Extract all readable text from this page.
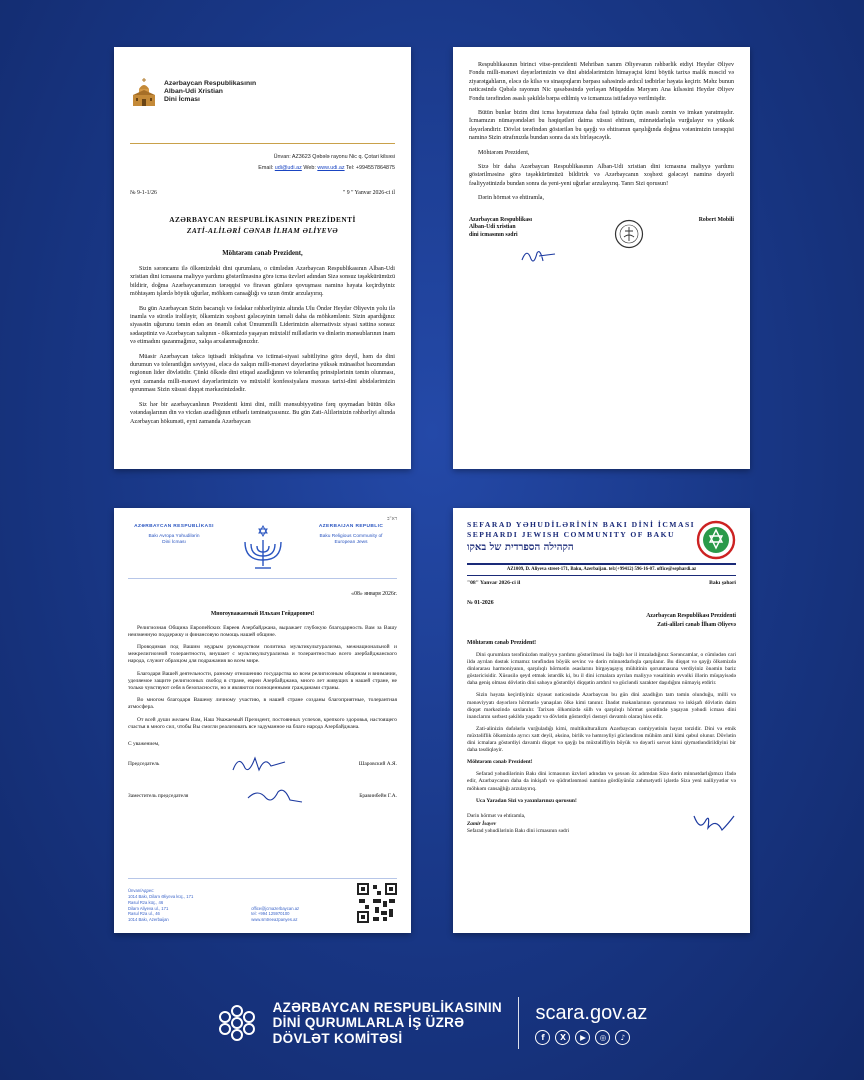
Azərbaycan Respublikasının
Alban-Udi Xristian
Dini İcması
Ünvan: AZ3623 Qəbələ rayonu Nic q. Çotari kilsəsi
Email: udi@udi.az Web: www.udi.az Tel: +994557864875
№ 9-1-1/26	" 9 " Yanvar 2026-ci il
AZƏRBAYCAN RESPUBLİKASININ PREZİDENTİ
ZATİ-ALİLƏRİ CƏNAB İLHAM ƏLİYEVƏ
Möhtərəm cənab Prezident,

Sizin sərəncamı ilə ölkəmizdəki dini qurumlara, o cümlədən Azərbaycan Respublikasının Alban-Udi xristian dini icmasına maliyyə yardımı göstərilməsinə görə icma üzvləri adından Sizə sonsuz təşəkkürümüzü bildirir, doğma Azərbaycanımızın tərəqqisi və firavan günlərə qovuşması naminə həyata keçirdiyiniz möhtəşəm işlərdə böyük uğurlar, möhkəm cansağlığı və uzun ömür arzulayırıq.

Bu gün Azərbaycan Sizin bacarıqlı və fədakar rəhbərliyiniz altında Ulu Öndər Heydər Əliyevin yolu ilə inamla və sürətlə irəliləyir, ölkəmizin xoşbəxt gələcəyinin təməli daha da möhkəmlənir. Sizin apardığınız siyasətin uğurunu təmin edən ən önəmli cəhət Ümummilli Liderimizin alternativsiz siyasi xəttinə sonsuz sədaqətiniz və Azərbaycan xalqının - ölkəmizdə yaşayan müxtəlif millətlərin və dinlərin mənsublarının inam və etimadını qazanmağınız, xalqa arxalanmağınızdır.

Müasir Azərbaycan təkcə iqtisadi inkişafına və ictimai-siyasi sabitliyinə görə deyil, həm də dini durumun və tolerantlığın səviyyəsi, eləcə də xalqın milli-mənəvi dəyərlərinə yüksək münasibət baxımından regionun lider dövlətidir. Çünki ölkədə dini etiqad azadlığının və tolerantlıq prinsiplərinin təmin olunması, eyni zamanda milli-mənəvi dəyərlərimizin və müxtəlif konfessiyalara məxsus tarixi-dini abidələrimizin qorunması Sizin xüsusi diqqət mərkəzinizdədir.

Siz hər bir azərbaycanlının Prezidenti kimi dini, milli mənsubiyyətinə fərq qoymadan bütün ölkə vətəndaşlarının din və vicdan azadlığının etibarlı təminatçısısınız. Bu gün Zati-Alilərinizin rəhbərliyi altında Azərbaycan hökuməti, eyni zamanda Azərbaycan

Respublikasının birinci vitse-prezidenti Mehriban xanım Əliyevanın rəhbərlik etdiyi Heydər Əliyev Fondu milli-mənəvi dəyərlərimizin və dini abidələrimizin himayəçisi kimi böyük tarixə malik məscid və ziyarətgahların, eləcə də kilsə və sinaqoqların bərpası sahəsində ardıcıl tədbirlər həyata keçirir. Məhz bunun nəticəsində Qəbələ rayonun Nic qəsəbəsində yerləşən Müqəddəs Məryəm Ana kilsəsini Heydər Əliyev Fondu tərəfindən əsaslı şəkildə bərpa edilmiş və icmamıza istifadəyə verilmişdir.

Bütün bunlar bizim dini icma həyatımıza daha fəal iştirakı üçün əsaslı zəmin və imkan yaratmışdır. İcmamızın nümayəndələri bu həqiqətləri daima xüsusi ehtiram, minnətdarlıqla vurğulayır və yüksək dəyərləndirir. Dövlət tərəfindən göstərilən bu qayğı və ehtiramın qarşılığında doğma vətənimizin tərəqqisi naminə Sizin ətrafınızda bundan sonra da six birləşəcəyik.

Möhtərəm Prezident,

Sizə bir daha Azərbaycan Respublikasının Alban-Udi xristian dini icmasına maliyyə yardımı göstərilməsinə görə təşəkkürümüzü bildirirk və Azərbaycanın xoşbəxt gələcəyi naminə dəyərli fəaliyyətinizdə bundan sonra da yeni-yeni uğurlar arzulayırıq. Tanrı Sizi qorusun!

Dərin hörmət və ehtiramla,

Azərbaycan Respublikası
Alban-Udi xristian
dini icmasının sədri
Robert Mobili
דא"ב
AZƏRBAYCAN RESPUBLİKASI
Bakı Avropa Yəhudilərin
Dini İcması
AZERBAIJAN REPUBLIC
Baku Religious Community of
European Jews
«08» января 2026г.
Многоуважаемый Ильхам Гейдарович!

Религиозная Община Европейских Евреев Азербайджана, выражает глубокую благодарность Вам за Вашу неизменную поддержку и финансовую помощь нашей общине.

Проводимая под Вашим мудрым руководством политика мультикультурализма, межнациональной и межрелигиозной толерантности, внушает с мультикультурализма и толерантностью всего азербайджанского народа, служит образцом для подражания во всем мире.

Благодаря Вашей деятельности, разному отношению государства ко всем религиозным общинам и внимании, уделяемое защите религиозных свобод в стране, евреи Азербайджана, много лет живущих в нашей стране, не только чувствуют себя в безопасности, но и являются полноценными гражданами страны.

Во многом благодаря Вашему личному участию, в нашей стране созданы благоприятные, толерантная атмосфера.

От всей души желаем Вам, Наш Уважаемый Президент, постоянных успехов, крепкого здоровья, настоящего счастья в много сил, чтобы Вы смогли реализовать все задуманное на благо народа Азербайджана.

С уважением,
Председатель	Шаровский А.Я.
Заместитель председателя	Бравинбейн Г.А.
Ünvan/Адрес:
1014 Bakı, Dilarə Əliyeva küç., 171
Rasul Rza küç., 46
Dilarə Aliyeva ul., 171
Rasul Rza ul., 46
1014 Bakı, Azerbaijan
office@jcmazerbaycan.az
tel: +994 125970100
www.smtreeazpanyes.az
SEFARAD YƏHUDİLƏRİNİN BAKI DİNİ İCMASI
SEPHARDI JEWISH COMMUNITY OF BAKU
הקהילה הספרדית של באקו
AZ1009, D. Aliyeva street-171, Baku, Azerbaijan. tel:(+99412) 596-16-07. office@sephardi.az
"08" Yanvar 2026-ci il	Bakı şəhəri
№ 01-2026
Azərbaycan Respublikası Prezidenti
Zati-aliləri cənab İlham Əliyevə
Möhtərəm cənab Prezident!

Dini qurumlara tərəfinizdən maliyyə yardımı göstərilməsi ilə bağlı hər il imzaladığınız Sərəncamlar, o cümlədən cari ildə ayrılan dəstək icmamız tərəfindən böyük sevinc və dərin minnətdarlıqla qarşılanır. Bu diqqət və qayğı ölkəmizdə dinlərarası harmoniyanın, qarşılıqlı hörmətin əsaslarını birgəyaşayış mühitinin qorunmasına verdiyiniz önəmin bariz göstəricisidir. Xüsusilə qeyd etmək istərdik ki, bu il dini icmalara ayrılan maliyyə vəsaitinin əvvəlki illərin müqayisədə daha geniş olması dövlətin dini sahəyə göstərdiyi diqqətin artdırıl və gücləndi xarakter daşıdığını nümayiş etdirir.

Sizin həyata keçirdiyiniz siyasət nəticəsində Azərbaycan bu gün dini azadlığın tam təmin olunduğu, milli və mənəviyyatı dəyərlərə hörmətlə yanaşılan ölkə kimi tanınır. İbadət məkanlarının qorunması və inkişafı dövlətin daim diqqət mərkəzində saxlanılır. Tarixən ölkəmizdə sülh və qarşılıqlı hörmət şəraitində yaşayan yəhudi icması dini inanclarını sərbəst şəkildə yaşadır və dövlətin göstərdiyi dəstəyi dəvamlı olaraq hiss edir.

Zati-alinizin dəfələrlə vurğuladığı kimi, multikulturalizm Azərbaycan cəmiyyətinin həyat tərzidir. Dini və etnik müxtəliflik ölkəmizdə ayrıcı xatt deyil, əksinə, birlik və həmrəyliyi gücləndirən mühüm amil kimi qəbul olunur. Dövlətin dini icmalara göstərdiyi davamlı diqqət və qayğı bu müxtəlifliyin böyük və dəyərli sərvət kimi qiymətləndirildiyini bir daha təsdiqləyir.

Möhtərəm cənab Prezident!

Sefarad yəhudilərinin Bakı dini icmasının üzvləri adından və şəxsən öz adımdan Sizə dərin minnətdarlığımızı ifadə edir, Azərbaycanın daha da inkişafı və qüdrətlənməsi naminə gördüyünüz zəhmətyətli işlərdə Sizə yeni nailiyyətlər və möhkəm cansağlığı arzulayırıq.

Uca Yaradan Sizi və yaxınlarınızı qorusun!

Dərin hörmət və ehtiramla,
Zamir İsayev
Sefarad yəhudilərinin Bakı dini icmasının sədri
AZƏRBAYCAN RESPUBLİKASININ
DİNİ QURUMLARLA İŞ ÜZRƏ
DÖVLƏT KOMİTƏSİ
scara.gov.az
f	X	▶	◎	♪
